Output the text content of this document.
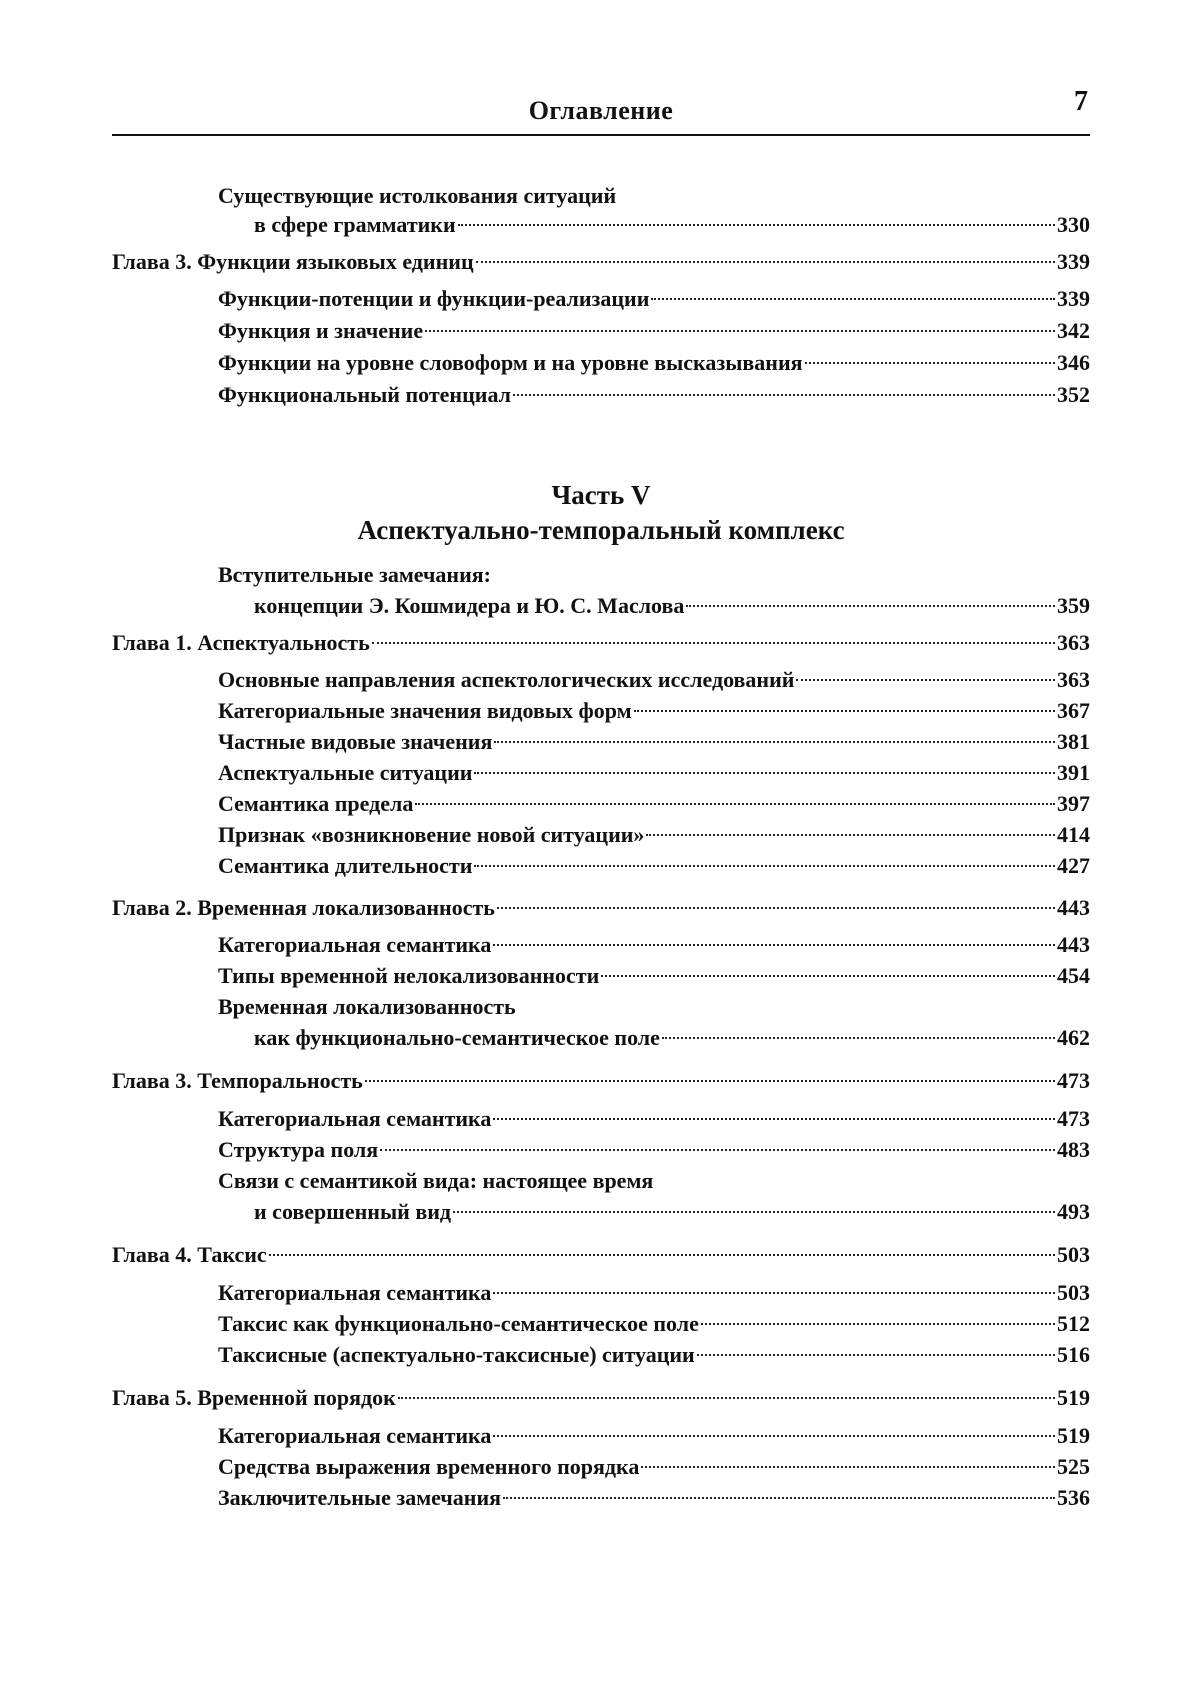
Оглавление	7
Существующие истолкования ситуаций
в сфере грамматики	330
Глава 3. Функции языковых единиц	339
Функции-потенции и функции-реализации	339
Функция и значение	342
Функции на уровне словоформ и на уровне высказывания	346
Функциональный потенциал	352
Часть V
Аспектуально-темпоральный комплекс
Вступительные замечания:
концепции Э. Кошмидера и Ю. С. Маслова	359
Глава 1. Аспектуальность	363
Основные направления аспектологических исследований	363
Категориальные значения видовых форм	367
Частные видовые значения	381
Аспектуальные ситуации	391
Семантика предела	397
Признак «возникновение новой ситуации»	414
Семантика длительности	427
Глава 2. Временная локализованность	443
Категориальная семантика	443
Типы временной нелокализованности	454
Временная локализованность
как функционально-семантическое поле	462
Глава 3. Темпоральность	473
Категориальная семантика	473
Структура поля	483
Связи с семантикой вида: настоящее время
и совершенный вид	493
Глава 4. Таксис	503
Категориальная семантика	503
Таксис как функционально-семантическое поле	512
Таксисные (аспектуально-таксисные) ситуации	516
Глава 5. Временной порядок	519
Категориальная семантика	519
Средства выражения временного порядка	525
Заключительные замечания	536
